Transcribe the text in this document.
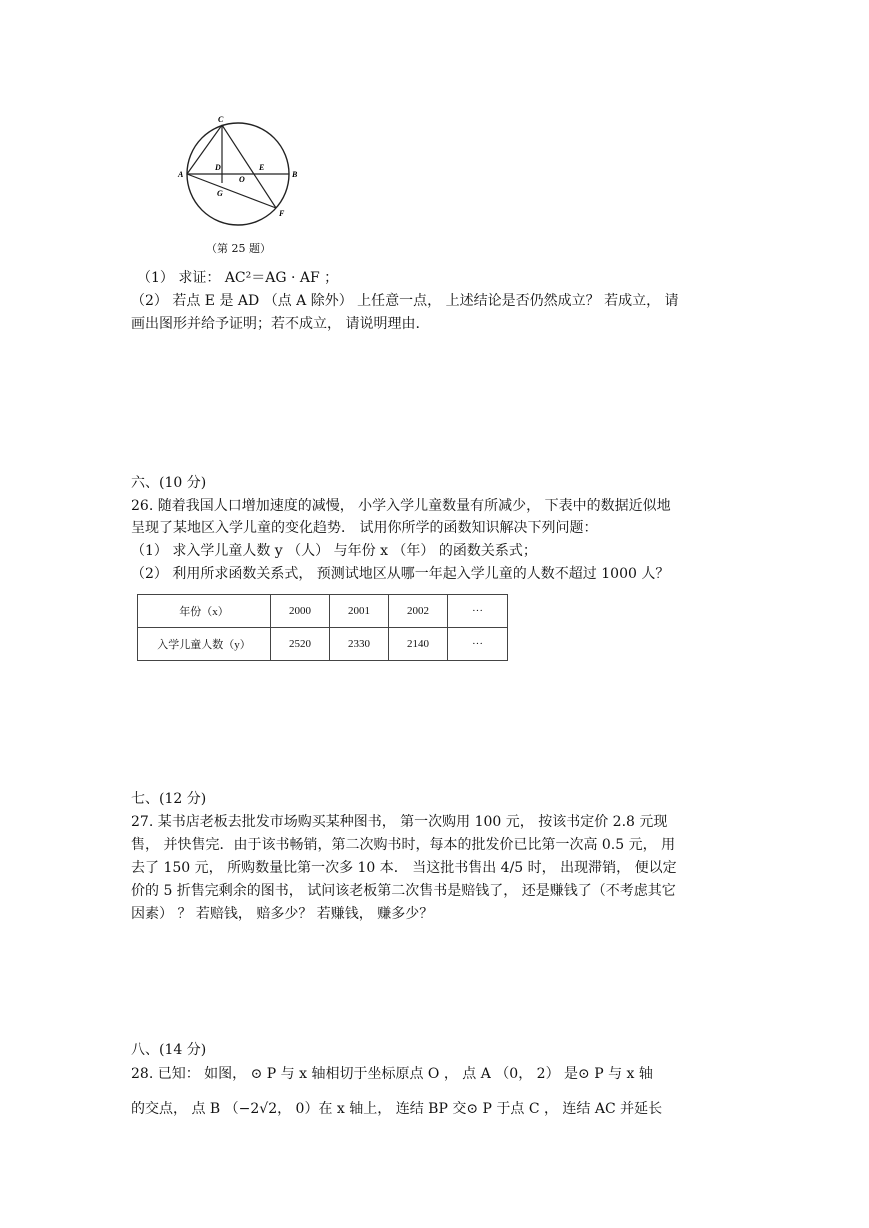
C
A
D
O
E
B
G
F
（第 25 题）
（1） 求证： AC²＝AG · AF ；
（2） 若点 E 是 AD （点 A 除外） 上任意一点， 上述结论是否仍然成立？ 若成立， 请
画出图形并给予证明；若不成立， 请说明理由.
六、(10 分)
26. 随着我国人口增加速度的减慢， 小学入学儿童数量有所减少， 下表中的数据近似地
呈现了某地区入学儿童的变化趋势． 试用你所学的函数知识解决下列问题：
（1） 求入学儿童人数 y （人） 与年份 x （年） 的函数关系式；
（2） 利用所求函数关系式， 预测试地区从哪一年起入学儿童的人数不超过 1000 人？
年份（x）	2000	2001	2002	···
入学儿童人数（y）	2520	2330	2140	···
七、(12 分)
27. 某书店老板去批发市场购买某种图书， 第一次购用 100 元， 按该书定价 2.8 元现
售， 并快售完．由于该书畅销，第二次购书时，每本的批发价已比第一次高 0.5 元， 用
去了 150 元， 所购数量比第一次多 10 本． 当这批书售出 4/5 时， 出现滞销， 便以定
价的 5 折售完剩余的图书， 试问该老板第二次售书是赔钱了， 还是赚钱了（不考虑其它
因素） ？ 若赔钱， 赔多少？ 若赚钱， 赚多少？
八、(14 分)
28. 已知： 如图， ⊙ P 与 x 轴相切于坐标原点 O ， 点 A （0， 2） 是⊙ P 与 x 轴
的交点， 点 B （−2√2， 0）在 x 轴上， 连结 BP 交⊙ P 于点 C ， 连结 AC 并延长
